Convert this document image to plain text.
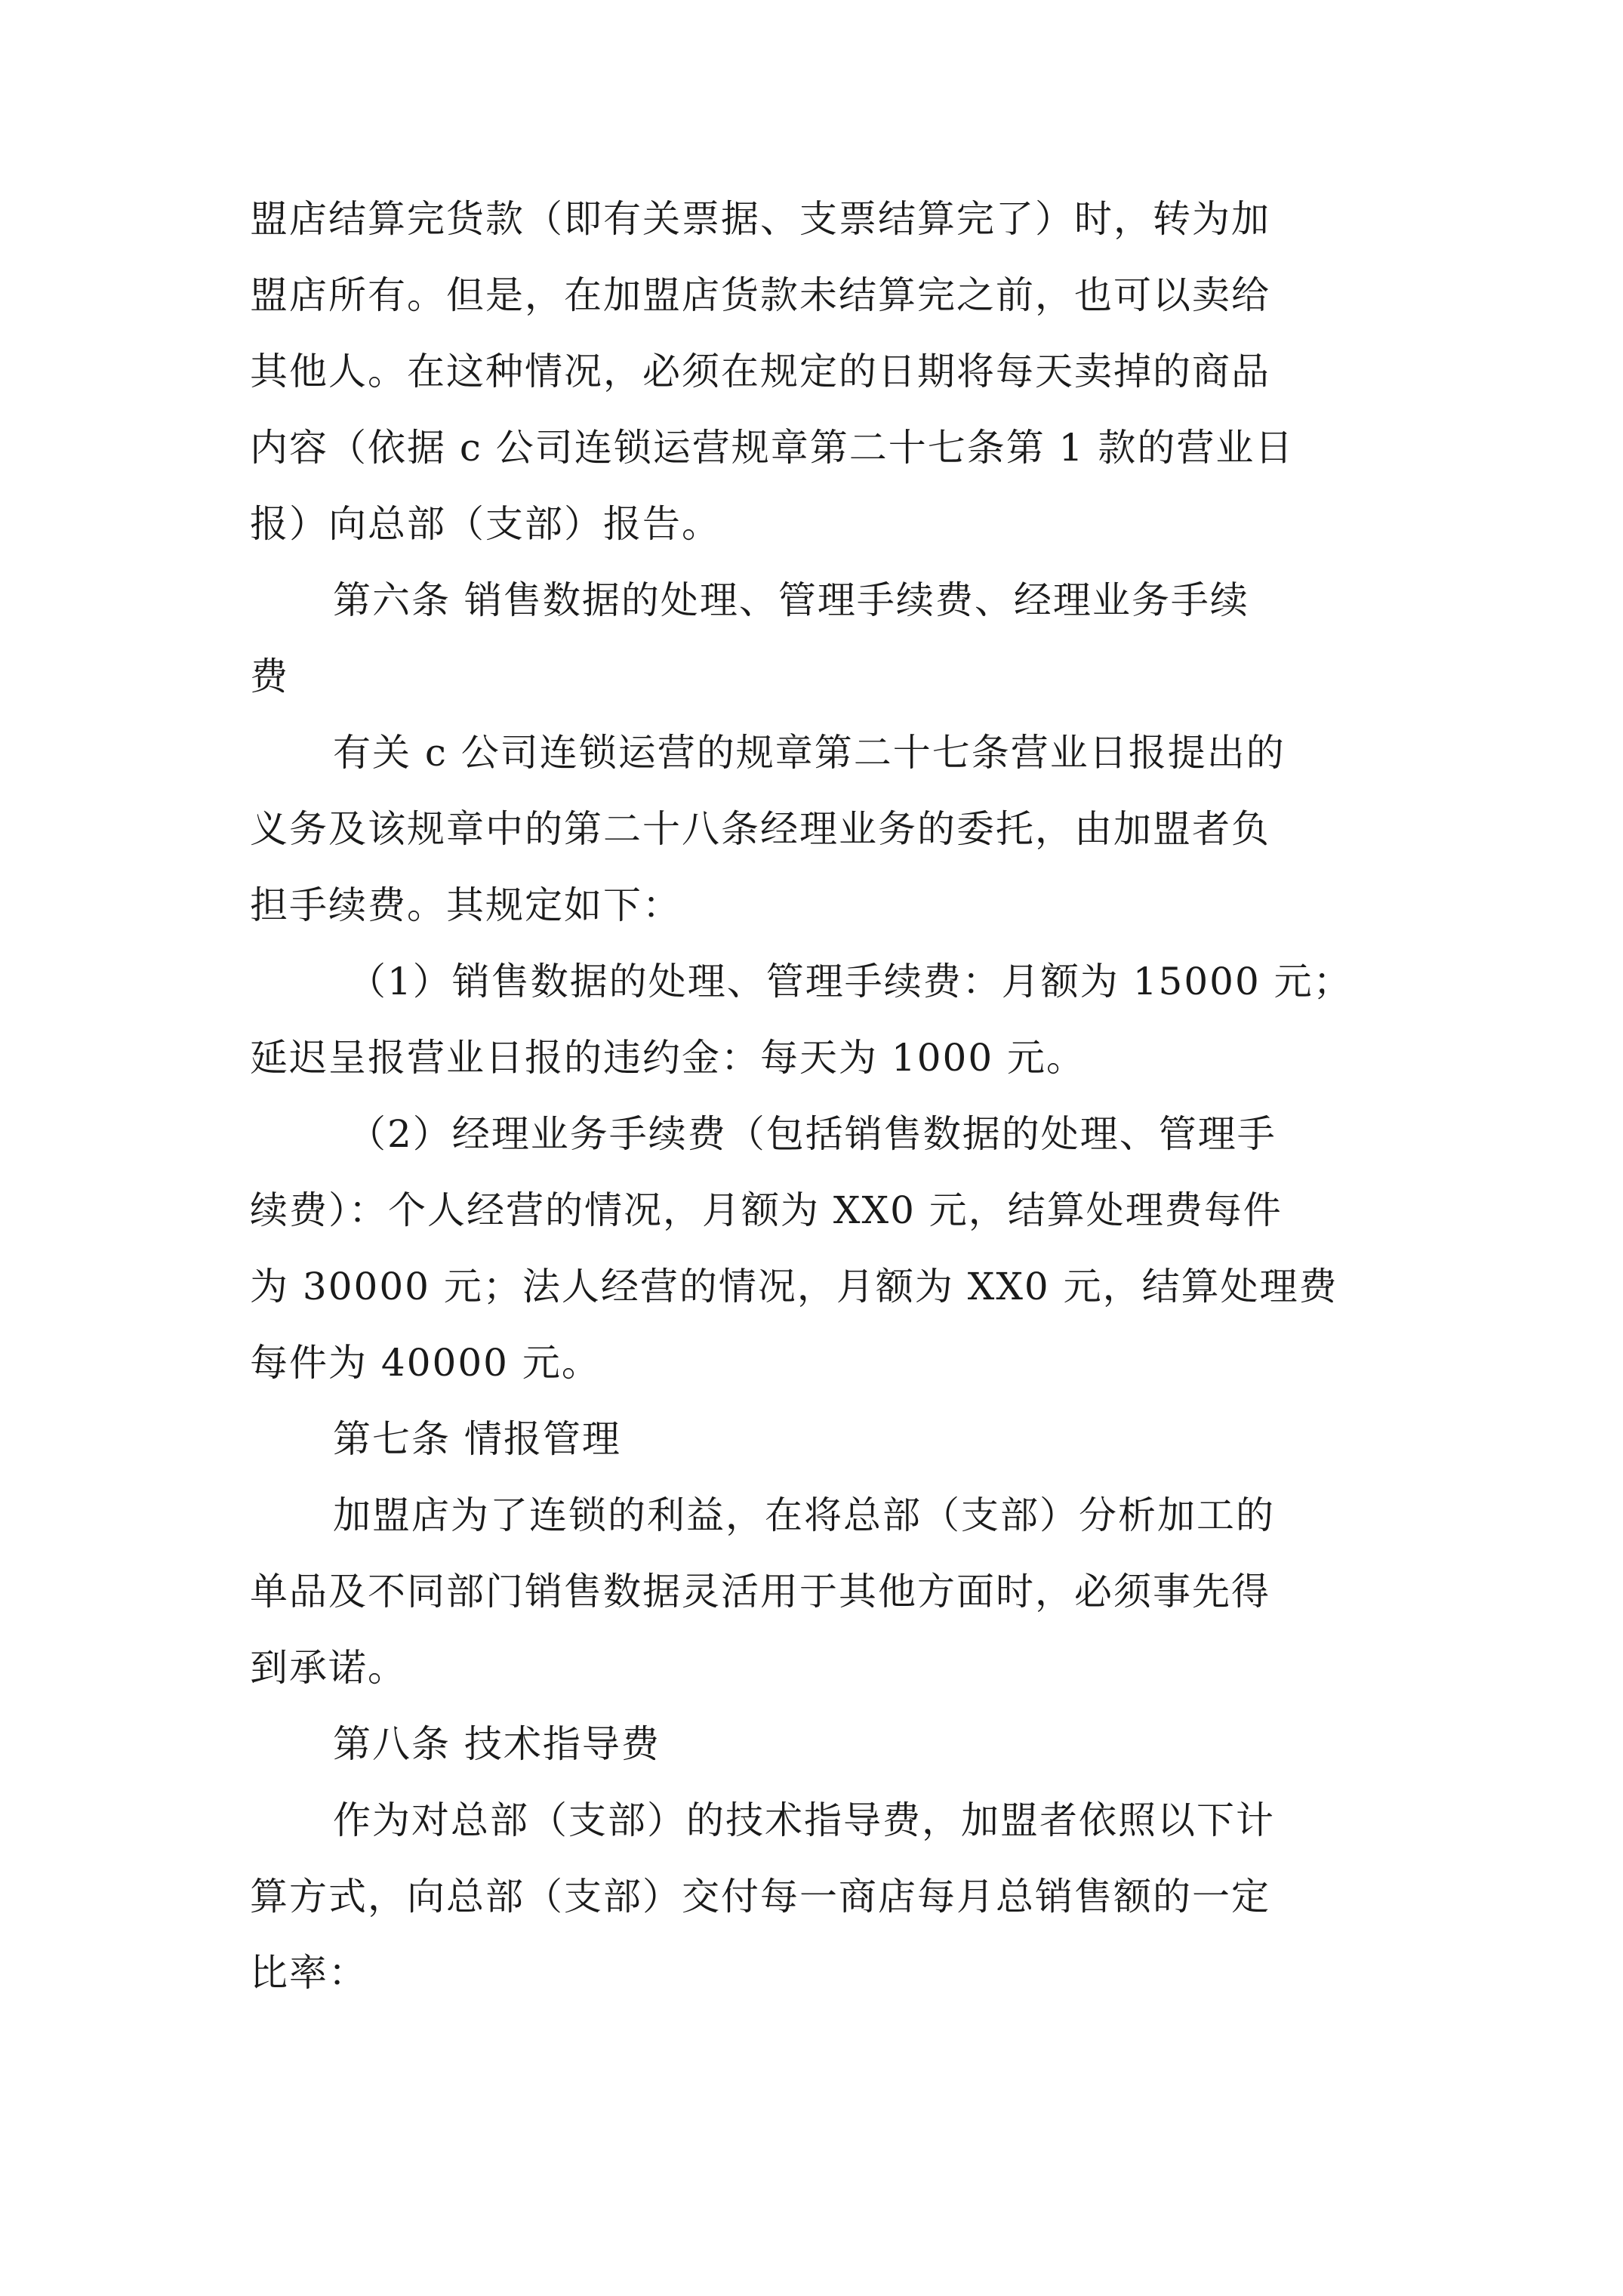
盟店结算完货款（即有关票据、支票结算完了）时，转为加
盟店所有。但是，在加盟店货款未结算完之前，也可以卖给
其他人。在这种情况，必须在规定的日期将每天卖掉的商品
内容（依据 c 公司连锁运营规章第二十七条第 1 款的营业日
报）向总部（支部）报告。
第六条 销售数据的处理、管理手续费、经理业务手续
费
有关 c 公司连锁运营的规章第二十七条营业日报提出的
义务及该规章中的第二十八条经理业务的委托，由加盟者负
担手续费。其规定如下：
（1）销售数据的处理、管理手续费：月额为 15000 元；
延迟呈报营业日报的违约金：每天为 1000 元。
（2）经理业务手续费（包括销售数据的处理、管理手
续费）：个人经营的情况，月额为 XX0 元，结算处理费每件
为 30000 元；法人经营的情况，月额为 XX0 元，结算处理费
每件为 40000 元。
第七条 情报管理
加盟店为了连锁的利益，在将总部（支部）分析加工的
单品及不同部门销售数据灵活用于其他方面时，必须事先得
到承诺。
第八条 技术指导费
作为对总部（支部）的技术指导费，加盟者依照以下计
算方式，向总部（支部）交付每一商店每月总销售额的一定
比率：
